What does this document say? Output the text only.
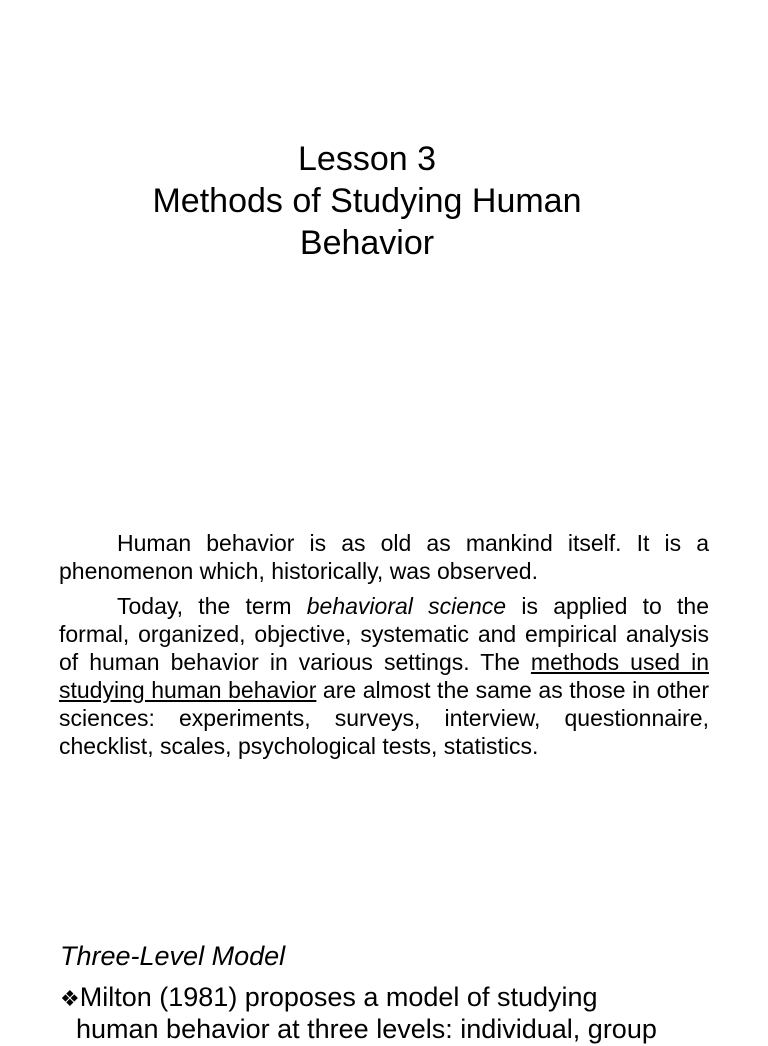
Lesson 3
Methods of Studying Human
Behavior

Human behavior is as old as mankind itself. It is a phenomenon which, historically, was observed.

Today, the term behavioral science is applied to the formal, organized, objective, systematic and empirical analysis of human behavior in various settings. The methods used in studying human behavior are almost the same as those in other sciences: experiments, surveys, interview, questionnaire, checklist, scales, psychological tests, statistics.

Three-Level Model
❖Milton (1981) proposes a model of studying
human behavior at three levels: individual, group
